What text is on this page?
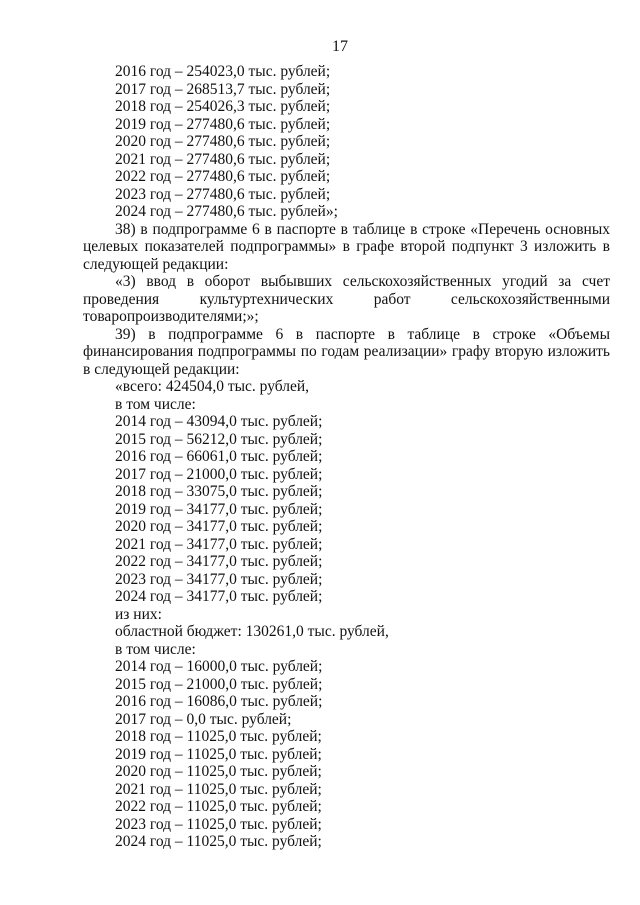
17
2016 год – 254023,0 тыс. рублей;
2017 год – 268513,7 тыс. рублей;
2018 год – 254026,3 тыс. рублей;
2019 год – 277480,6 тыс. рублей;
2020 год – 277480,6 тыс. рублей;
2021 год – 277480,6 тыс. рублей;
2022 год – 277480,6 тыс. рублей;
2023 год – 277480,6 тыс. рублей;
2024 год – 277480,6 тыс. рублей»;
38) в подпрограмме 6 в паспорте в таблице в строке «Перечень основных
целевых показателей подпрограммы» в графе второй подпункт 3 изложить в
следующей редакции:
«3) ввод в оборот выбывших сельскохозяйственных угодий за счет
проведения культуртехнических работ сельскохозяйственными
товаропроизводителями;»;
39) в подпрограмме 6 в паспорте в таблице в строке «Объемы
финансирования подпрограммы по годам реализации» графу вторую изложить
в следующей редакции:
«всего: 424504,0 тыс. рублей,
в том числе:
2014 год – 43094,0 тыс. рублей;
2015 год – 56212,0 тыс. рублей;
2016 год – 66061,0 тыс. рублей;
2017 год – 21000,0 тыс. рублей;
2018 год – 33075,0 тыс. рублей;
2019 год – 34177,0 тыс. рублей;
2020 год – 34177,0 тыс. рублей;
2021 год – 34177,0 тыс. рублей;
2022 год – 34177,0 тыс. рублей;
2023 год – 34177,0 тыс. рублей;
2024 год – 34177,0 тыс. рублей;
из них:
областной бюджет: 130261,0 тыс. рублей,
в том числе:
2014 год – 16000,0 тыс. рублей;
2015 год – 21000,0 тыс. рублей;
2016 год – 16086,0 тыс. рублей;
2017 год – 0,0 тыс. рублей;
2018 год – 11025,0 тыс. рублей;
2019 год – 11025,0 тыс. рублей;
2020 год – 11025,0 тыс. рублей;
2021 год – 11025,0 тыс. рублей;
2022 год – 11025,0 тыс. рублей;
2023 год – 11025,0 тыс. рублей;
2024 год – 11025,0 тыс. рублей;
